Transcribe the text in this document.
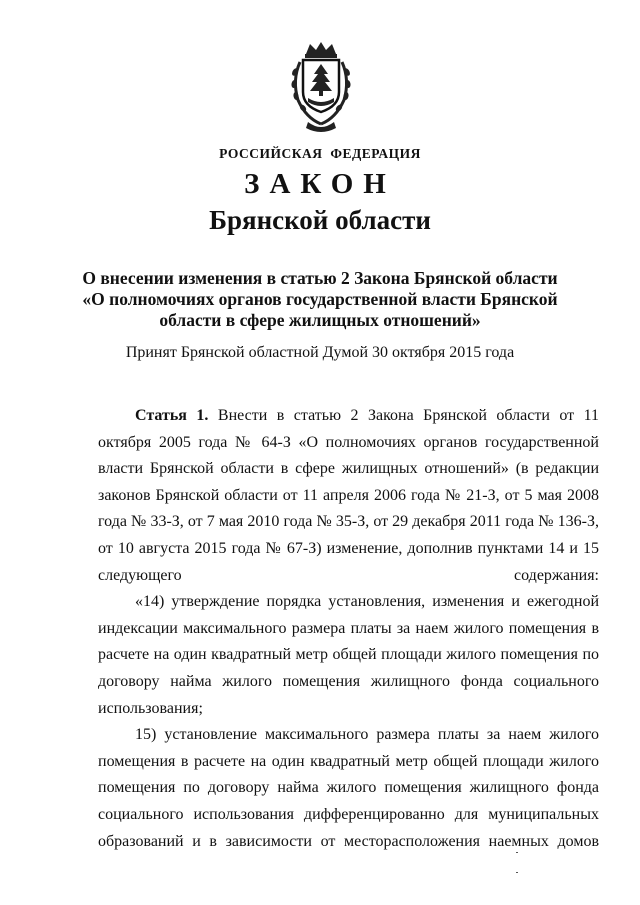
РОССИЙСКАЯ ФЕДЕРАЦИЯ
ЗАКОН
Брянской области
О внесении изменения в статью 2 Закона Брянской области
«О полномочиях органов государственной власти Брянской
области в сфере жилищных отношений»
Принят Брянской областной Думой 30 октября 2015 года

Статья 1. Внести в статью 2 Закона Брянской области от 11 октября 2005 года № 64-З «О полномочиях органов государственной власти Брянской области в сфере жилищных отношений» (в редакции законов Брянской области от 11 апреля 2006 года № 21-З, от 5 мая 2008 года № 33-З, от 7 мая 2010 года № 35-З, от 29 декабря 2011 года № 136-З, от 10 августа 2015 года № 67-З) изменение, дополнив пунктами 14 и 15 следующего содержания:

«14) утверждение порядка установления, изменения и ежегодной индексации максимального размера платы за наем жилого помещения в расчете на один квадратный метр общей площади жилого помещения по договору найма жилого помещения жилищного фонда социального использования;

15) установление максимального размера платы за наем жилого помещения в расчете на один квадратный метр общей площади жилого помещения по договору найма жилого помещения жилищного фонда социального использования дифференцированно для муниципальных образований и в зависимости от месторасположения наемных домов
